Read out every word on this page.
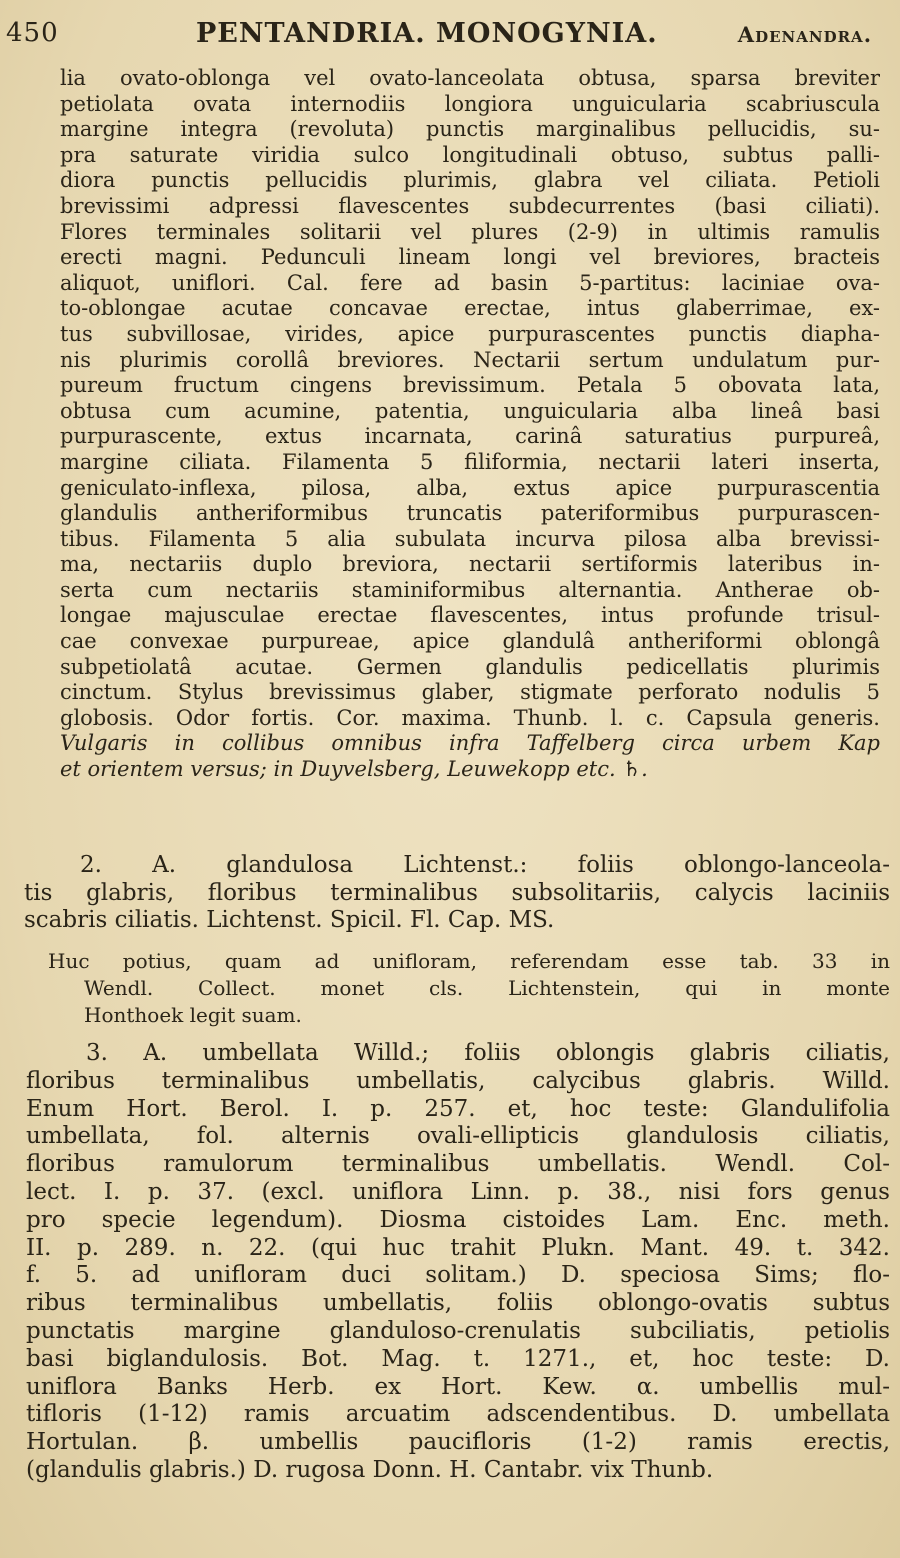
450	PENTANDRIA. MONOGYNIA.	Adenandra.
lia ovato-oblonga vel ovato-lanceolata obtusa, sparsa breviter
petiolata ovata internodiis longiora unguicularia scabriuscula
margine integra (revoluta) punctis marginalibus pellucidis, su-
pra saturate viridia sulco longitudinali obtuso, subtus palli-
diora punctis pellucidis plurimis, glabra vel ciliata. Petioli
brevissimi adpressi flavescentes subdecurrentes (basi ciliati).
Flores terminales solitarii vel plures (2-9) in ultimis ramulis
erecti magni. Pedunculi lineam longi vel breviores, bracteis
aliquot, uniflori. Cal. fere ad basin 5-partitus: laciniae ova-
to-oblongae acutae concavae erectae, intus glaberrimae, ex-
tus subvillosae, virides, apice purpurascentes punctis diapha-
nis plurimis corollâ breviores. Nectarii sertum undulatum pur-
pureum fructum cingens brevissimum. Petala 5 obovata lata,
obtusa cum acumine, patentia, unguicularia alba lineâ basi
purpurascente, extus incarnata, carinâ saturatius purpureâ,
margine ciliata. Filamenta 5 filiformia, nectarii lateri inserta,
geniculato-inflexa, pilosa, alba, extus apice purpurascentia
glandulis antheriformibus truncatis pateriformibus purpurascen-
tibus. Filamenta 5 alia subulata incurva pilosa alba brevissi-
ma, nectariis duplo breviora, nectarii sertiformis lateribus in-
serta cum nectariis staminiformibus alternantia. Antherae ob-
longae majusculae erectae flavescentes, intus profunde trisul-
cae convexae purpureae, apice glandulâ antheriformi oblongâ
subpetiolatâ acutae. Germen glandulis pedicellatis plurimis
cinctum. Stylus brevissimus glaber, stigmate perforato nodulis 5
globosis. Odor fortis. Cor. maxima. Thunb. l. c. Capsula generis.
Vulgaris in collibus omnibus infra Taffelberg circa urbem Kap
et orientem versus; in Duyvelsberg, Leuwekopp etc. ♄.
2. A. glandulosa Lichtenst.: foliis oblongo-lanceola-
tis glabris, floribus terminalibus subsolitariis, calycis laciniis
scabris ciliatis. Lichtenst. Spicil. Fl. Cap. MS.
Huc potius, quam ad unifloram, referendam esse tab. 33 in
Wendl. Collect. monet cls. Lichtenstein, qui in monte
Honthoek legit suam.
3. A. umbellata Willd.; foliis oblongis glabris ciliatis,
floribus terminalibus umbellatis, calycibus glabris. Willd.
Enum Hort. Berol. I. p. 257. et, hoc teste: Glandulifolia
umbellata, fol. alternis ovali-ellipticis glandulosis ciliatis,
floribus ramulorum terminalibus umbellatis. Wendl. Col-
lect. I. p. 37. (excl. uniflora Linn. p. 38., nisi fors genus
pro specie legendum). Diosma cistoides Lam. Enc. meth.
II. p. 289. n. 22. (qui huc trahit Plukn. Mant. 49. t. 342.
f. 5. ad unifloram duci solitam.) D. speciosa Sims; flo-
ribus terminalibus umbellatis, foliis oblongo-ovatis subtus
punctatis margine glanduloso-crenulatis subciliatis, petiolis
basi biglandulosis. Bot. Mag. t. 1271., et, hoc teste: D.
uniflora Banks Herb. ex Hort. Kew. α. umbellis mul-
tifloris (1-12) ramis arcuatim adscendentibus. D. umbellata
Hortulan. β. umbellis paucifloris (1-2) ramis erectis,
(glandulis glabris.) D. rugosa Donn. H. Cantabr. vix Thunb.
